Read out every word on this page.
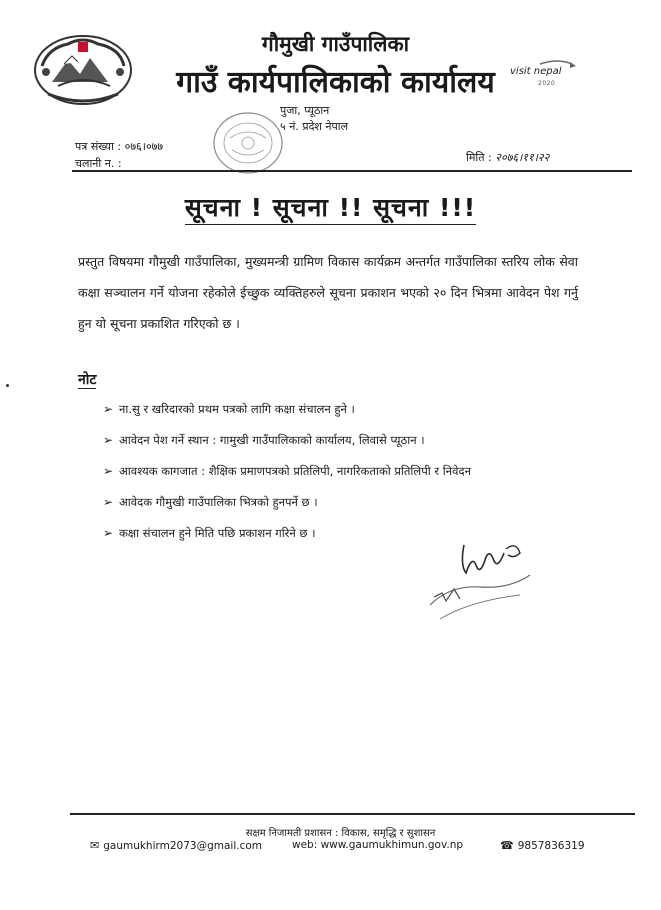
गौमुखी गाउँपालिका
गाउँ कार्यपालिकाको कार्यालय
पुजा, प्यूठान
५ नं. प्रदेश नेपाल
visit nepal
2020
पत्र संख्या : ०७६।०७७
चलानी न. :	मिति : २०७६।११।२२
सूचना ! सूचना !! सूचना !!!

प्रस्तुत विषयमा गौमुखी गाउँपालिका, मुख्यमन्त्री ग्रामिण विकास कार्यक्रम अन्तर्गत गाउँपालिका स्तरिय लोक सेवा कक्षा सञ्चालन गर्ने योजना रहेकोले ईच्छुक व्यक्तिहरुले सूचना प्रकाशन भएको २० दिन भित्रमा आवेदन पेश गर्नु हुन यो सूचना प्रकाशित गरिएको छ ।

नोट
➢ ना.सु र खरिदारको प्रथम पत्रको लागि कक्षा संचालन हुने ।
➢ आवेदन पेश गर्ने स्थान : गामुखी गाउँपालिकाको कार्यालय, लिवासे प्यूठान ।
➢ आवश्यक कागजात : शैक्षिक प्रमाणपत्रको प्रतिलिपी, नागरिकताको प्रतिलिपी र निवेदन
➢ आवेदक गौमुखी गाउँपालिका भित्रको हुनपर्ने छ ।
➢ कक्षा संचालन हुने मिति पछि प्रकाशन गरिने छ ।
सक्षम निजामती प्रशासन : विकास, समृद्धि र सुशासन
✉ gaumukhirm2073@gmail.com	web: www.gaumukhimun.gov.np	☎ 9857836319
